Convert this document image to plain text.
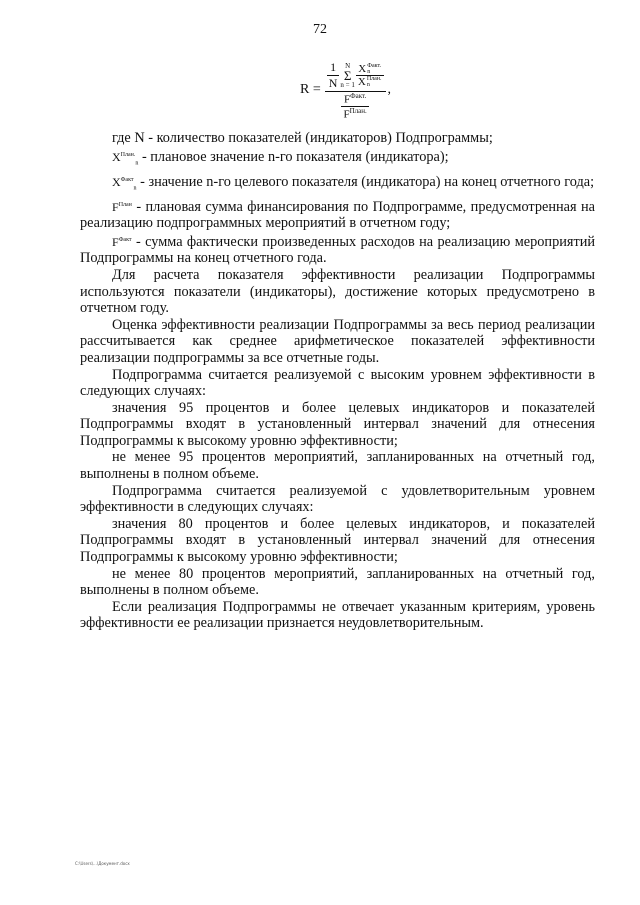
72
$R = \frac{1}{N}$ N
Σ
n = 1 X Факт.
n
X План.
n
$\frac{F^{Факт.}}{F^{План.}}$
,

где N - количество показателей (индикаторов) Подпрограммы;

$X^{План.}_n$ - плановое значение n-го показателя (индикатора);

$X^{Факт}_n$ - значение n-го целевого показателя (индикатора) на конец отчетного года;

$F^{План}$ - плановая сумма финансирования по Подпрограмме, предусмотренная на реализацию подпрограммных мероприятий в отчетном году;

$F^{Факт}$ - сумма фактически произведенных расходов на реализацию мероприятий Подпрограммы на конец отчетного года.

Для расчета показателя эффективности реализации Подпрограммы используются показатели (индикаторы), достижение которых предусмотрено в отчетном году.

Оценка эффективности реализации Подпрограммы за весь период реализации рассчитывается как среднее арифметическое показателей эффективности реализации подпрограммы за все отчетные годы.

Подпрограмма считается реализуемой с высоким уровнем эффективности в следующих случаях:

значения 95 процентов и более целевых индикаторов и показателей Подпрограммы входят в установленный интервал значений для отнесения Подпрограммы к высокому уровню эффективности;

не менее 95 процентов мероприятий, запланированных на отчетный год, выполнены в полном объеме.

Подпрограмма считается реализуемой с удовлетворительным уровнем эффективности в следующих случаях:

значения 80 процентов и более целевых индикаторов, и показателей Подпрограммы входят в установленный интервал значений для отнесения Подпрограммы к высокому уровню эффективности;

не менее 80 процентов мероприятий, запланированных на отчетный год, выполнены в полном объеме.

Если реализация Подпрограммы не отвечает указанным критериям, уровень эффективности ее реализации признается неудовлетворительным.

C:\Users\...\Документ.docx
